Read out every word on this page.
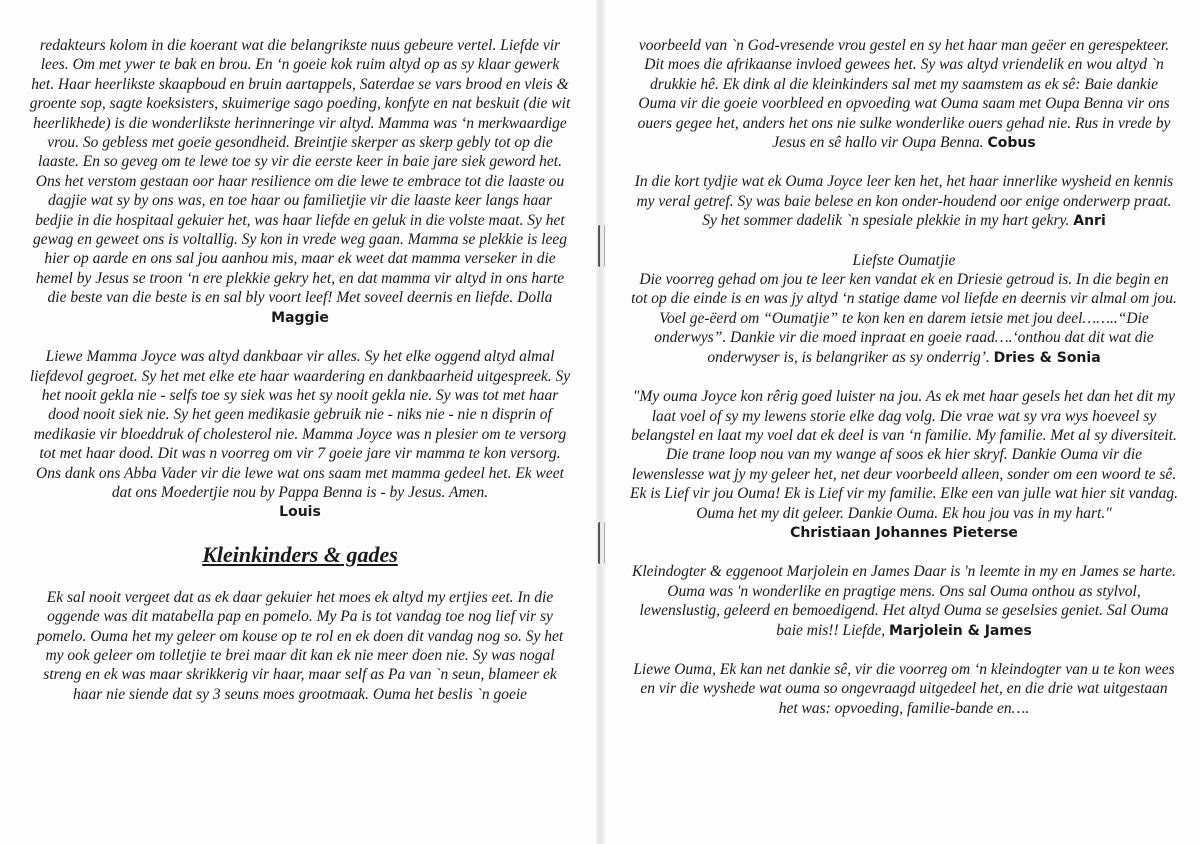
redakteurs kolom in die koerant wat die belangrikste nuus gebeure vertel. Liefde vir lees. Om met ywer te bak en brou. En ‘n goeie kok ruim altyd op as sy klaar gewerk het. Haar heerlikste skaapboud en bruin aartappels, Saterdae se vars brood en vleis & groente sop, sagte koeksisters, skuimerige sago poeding, konfyte en nat beskuit (die wit heerlikhede) is die wonderlikste herinneringe vir altyd. Mamma was ‘n merkwaardige vrou. So gebless met goeie gesondheid. Breintjie skerper as skerp gebly tot op die laaste. En so geveg om te lewe toe sy vir die eerste keer in baie jare siek geword het. Ons het verstom gestaan oor haar resilience om die lewe te embrace tot die laaste ou dagjie wat sy by ons was, en toe haar ou familietjie vir die laaste keer langs haar bedjie in die hospitaal gekuier het, was haar liefde en geluk in die volste maat. Sy het gewag en geweet ons is voltallig. Sy kon in vrede weg gaan. Mamma se plekkie is leeg hier op aarde en ons sal jou aanhou mis, maar ek weet dat mamma verseker in die hemel by Jesus se troon ‘n ere plekkie gekry het, en dat mamma vir altyd in ons harte die beste van die beste is en sal bly voort leef! Met soveel deernis en liefde. Dolla Maggie

Liewe Mamma Joyce was altyd dankbaar vir alles. Sy het elke oggend altyd almal liefdevol gegroet. Sy het met elke ete haar waardering en dankbaarheid uitgespreek. Sy het nooit gekla nie - selfs toe sy siek was het sy nooit gekla nie. Sy was tot met haar dood nooit siek nie. Sy het geen medikasie gebruik nie - niks nie - nie n disprin of medikasie vir bloeddruk of cholesterol nie. Mamma Joyce was n plesier om te versorg tot met haar dood. Dit was n voorreg om vir 7 goeie jare vir mamma te kon versorg. Ons dank ons Abba Vader vir die lewe wat ons saam met mamma gedeel het. Ek weet dat ons Moedertjie nou by Pappa Benna is - by Jesus. Amen.
Louis

Kleinkinders & gades

Ek sal nooit vergeet dat as ek daar gekuier het moes ek altyd my ertjies eet. In die oggende was dit matabella pap en pomelo. My Pa is tot vandag toe nog lief vir sy pomelo. Ouma het my geleer om kouse op te rol en ek doen dit vandag nog so. Sy het my ook geleer om tolletjie te brei maar dit kan ek nie meer doen nie. Sy was nogal streng en ek was maar skrikkerig vir haar, maar self as Pa van `n seun, blameer ek haar nie siende dat sy 3 seuns moes grootmaak. Ouma het beslis `n goeie

voorbeeld van `n God-vresende vrou gestel en sy het haar man geëer en gerespekteer. Dit moes die afrikaanse invloed gewees het. Sy was altyd vriendelik en wou altyd `n drukkie hê. Ek dink al die kleinkinders sal met my saamstem as ek sê: Baie dankie Ouma vir die goeie voorbleed en opvoeding wat Ouma saam met Oupa Benna vir ons ouers gegee het, anders het ons nie sulke wonderlike ouers gehad nie. Rus in vrede by Jesus en sê hallo vir Oupa Benna. Cobus

In die kort tydjie wat ek Ouma Joyce leer ken het, het haar innerlike wysheid en kennis my veral getref. Sy was baie belese en kon onder-houdend oor enige onderwerp praat. Sy het sommer dadelik `n spesiale plekkie in my hart gekry. Anri

Liefste Oumatjie

Die voorreg gehad om jou te leer ken vandat ek en Driesie getroud is. In die begin en tot op die einde is en was jy altyd ‘n statige dame vol liefde en deernis vir almal om jou. Voel ge-ëerd om “Oumatjie” te kon ken en darem ietsie met jou deel……..“Die onderwys”. Dankie vir die moed inpraat en goeie raad….‘onthou dat dit wat die onderwyser is, is belangriker as sy onderrig’. Dries & Sonia

"My ouma Joyce kon rêrig goed luister na jou. As ek met haar gesels het dan het dit my laat voel of sy my lewens storie elke dag volg. Die vrae wat sy vra wys hoeveel sy belangstel en laat my voel dat ek deel is van ‘n familie. My familie. Met al sy diversiteit. Die trane loop nou van my wange af soos ek hier skryf. Dankie Ouma vir die lewenslesse wat jy my geleer het, net deur voorbeeld alleen, sonder om een woord te sê. Ek is Lief vir jou Ouma! Ek is Lief vir my familie. Elke een van julle wat hier sit vandag. Ouma het my dit geleer. Dankie Ouma. Ek hou jou vas in my hart."
Christiaan Johannes Pieterse

Kleindogter & eggenoot Marjolein en James Daar is 'n leemte in my en James se harte. Ouma was 'n wonderlike en pragtige mens. Ons sal Ouma onthou as stylvol, lewenslustig, geleerd en bemoedigend. Het altyd Ouma se geselsies geniet. Sal Ouma baie mis!! Liefde, Marjolein & James

Liewe Ouma, Ek kan net dankie sê, vir die voorreg om ‘n kleindogter van u te kon wees en vir die wyshede wat ouma so ongevraagd uitgedeel het, en die drie wat uitgestaan het was: opvoeding, familie-bande en….
